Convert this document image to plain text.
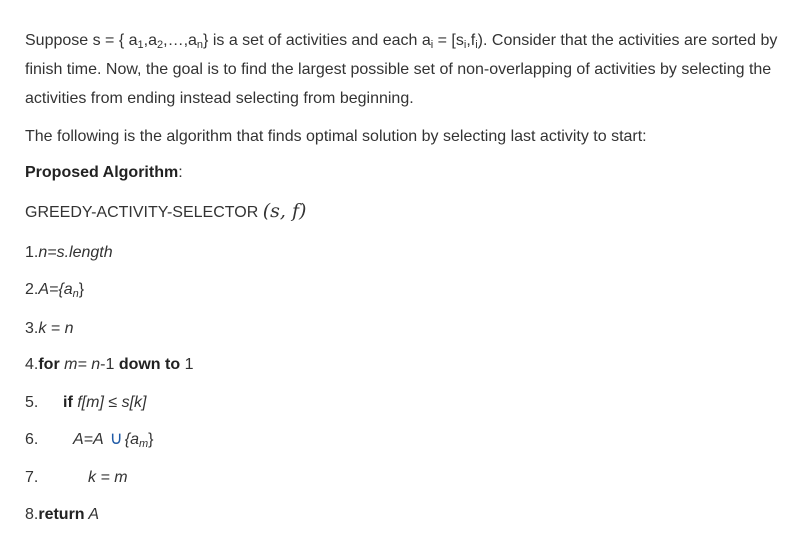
Suppose s = { $a_1,a_2,\dots,a_n$} is a set of activities and each $a_i = [s_i,f_i)$. Consider that the activities are sorted by finish time. Now, the goal is to find the largest possible set of non-overlapping of activities by selecting the activities from ending instead selecting from beginning.
The following is the algorithm that finds optimal solution by selecting last activity to start:
Proposed Algorithm:
GREEDY-ACTIVITY-SELECTOR (s, f)
1.n=s.length
$2.A=\{a_n\}$
3.k = n
4.for m= n-1 down to 1
5. if f[m] ≤ s[k]
6. A=A ∪ $\{a_m\}$
7.	k = m
8.return A
